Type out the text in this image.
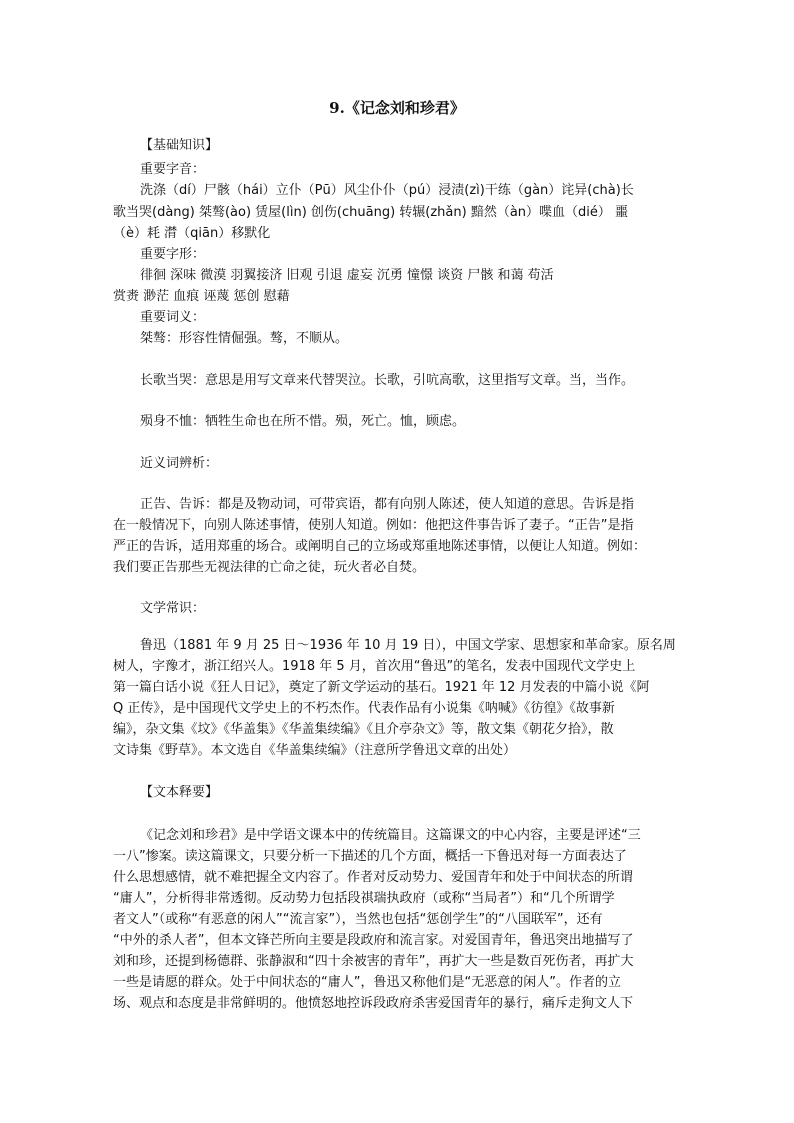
9.《记念刘和珍君》
【基础知识】
重要字音：
洗涤（dí）尸骸（hái）立仆（Pū）风尘仆仆（pú）浸渍(zì)干练（gàn）诧异(chà)长
歌当哭(dàng) 桀骜(ào) 赁屋(lìn) 创伤(chuāng) 转辗(zhǎn) 黯然（àn）喋血（dié） 噩
（è）耗 潸（qiān）移默化
重要字形：
徘徊 深味 微漠 羽翼接济 旧观 引退 虚妄 沉勇 憧憬 谈资 尸骸 和蔼 苟活
赏赉 渺茫 血痕 诬蔑 惩创 慰藉
重要词义：
桀骜：形容性情倔强。骜，不顺从。
长歌当哭：意思是用写文章来代替哭泣。长歌，引吭高歌，这里指写文章。当，当作。
殒身不恤：牺牲生命也在所不惜。殒，死亡。恤，顾虑。
近义词辨析：
正告、告诉：都是及物动词，可带宾语，都有向别人陈述，使人知道的意思。告诉是指
在一般情况下，向别人陈述事情，使别人知道。例如：他把这件事告诉了妻子。“正告”是指
严正的告诉，适用郑重的场合。或阐明自己的立场或郑重地陈述事情，以便让人知道。例如：
我们要正告那些无视法律的亡命之徒，玩火者必自焚。
文学常识：
鲁迅（1881 年 9 月 25 日～1936 年 10 月 19 日），中国文学家、思想家和革命家。原名周
树人，字豫才，浙江绍兴人。1918 年 5 月，首次用“鲁迅”的笔名，发表中国现代文学史上
第一篇白话小说《狂人日记》，奠定了新文学运动的基石。1921 年 12 月发表的中篇小说《阿
Q 正传》，是中国现代文学史上的不朽杰作。代表作品有小说集《呐喊》《彷徨》《故事新
编》，杂文集《坟》《华盖集》《华盖集续编》《且介亭杂文》等，散文集《朝花夕拾》，散
文诗集《野草》。本文选自《华盖集续编》（注意所学鲁迅文章的出处）
【文本释要】
《记念刘和珍君》是中学语文课本中的传统篇目。这篇课文的中心内容，主要是评述“三
一八”惨案。读这篇课文，只要分析一下描述的几个方面，概括一下鲁迅对每一方面表达了
什么思想感情，就不难把握全文内容了。作者对反动势力、爱国青年和处于中间状态的所谓
“庸人”，分析得非常透彻。反动势力包括段祺瑞执政府（或称“当局者”）和“几个所谓学
者文人”（或称“有恶意的闲人”“流言家”），当然也包括“惩创学生”的“八国联军”，还有
“中外的杀人者”，但本文锋芒所向主要是段政府和流言家。对爱国青年，鲁迅突出地描写了
刘和珍，还提到杨德群、张静淑和“四十余被害的青年”，再扩大一些是数百死伤者，再扩大
一些是请愿的群众。处于中间状态的“庸人”，鲁迅又称他们是“无恶意的闲人”。作者的立
场、观点和态度是非常鲜明的。他愤怒地控诉段政府杀害爱国青年的暴行，痛斥走狗文人下
